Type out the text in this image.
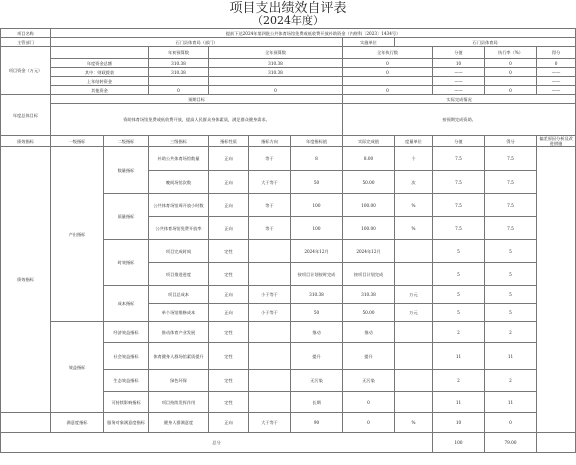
项目支出绩效自评表
（2024年度）
项目名称	提前下达2024年第四批公共体育场馆免费或低收费开放补助资金（内财科〔2023〕1434号）										
主管部门	石门县体育局（部门）						实施单位	石门县体育局			
项目资金（万元）			年初预算数	全年预算数			全年执行数		分值	执行率（%）	得分
	年度资金总额		310.38	310.38			0		10	0	0
	其中：财政拨款		310.38	310.38			0		——	0	——
	上年结转资金								——		——
	其他资金		0	0			0		——	0	——
年度总体目标	预期目标						实际完成情况				
	资助体育场馆免费或低收费开放，提高人民群众身体素质，满足群众健身需求。						按预期完成资助。				
绩效指标	一级指标	二级指标	三级指标	指标性质	指标方向	年度指标值	实际完成值	度量单位	分值	得分	偏差原因分析及改进措施
绩效指标	产出指标	数量指标	补助公共体育场馆数量	正向	等于	8	8.00	个	7.5	7.5	
			晚间场馆次数	正向	大于等于	50	50.00	次	7.5	7.5	
		质量指标	公共体育场馆周开放小时数	正向	等于	100	100.00	%	7.5	7.5	
			公共体育场馆免费开放率	正向	等于	100	100.00	%	7.5	7.5	
		时效指标	项目完成时间	定性		2024年12月	2024年12月		5	5	
			项目推进进度	定性		按项目计划按时完成	按项目计划完成		5	5	
		成本指标	项目总成本	正向	小于等于	310.38	310.38	万元	5	5	
			单个场馆维修成本	正向	小于等于	50	50.00	万元	5	5	
	效益指标	经济效益指标	推动体育产业发展	定性		推动	推动		2	2	
		社会效益指标	体育健身人群场馆素质提升	定性		提升	提升		11	11	
		生态效益指标	绿色环保	定性		无污染	无污染		2	2	
		可持续影响指标	项目持续发挥作用	定性		长期	0		11	11	
	满意度指标	服务对象满意度指标	健身人群满意度	正向	大于等于	90	0	%	10	0	
总分									100	79.00	
